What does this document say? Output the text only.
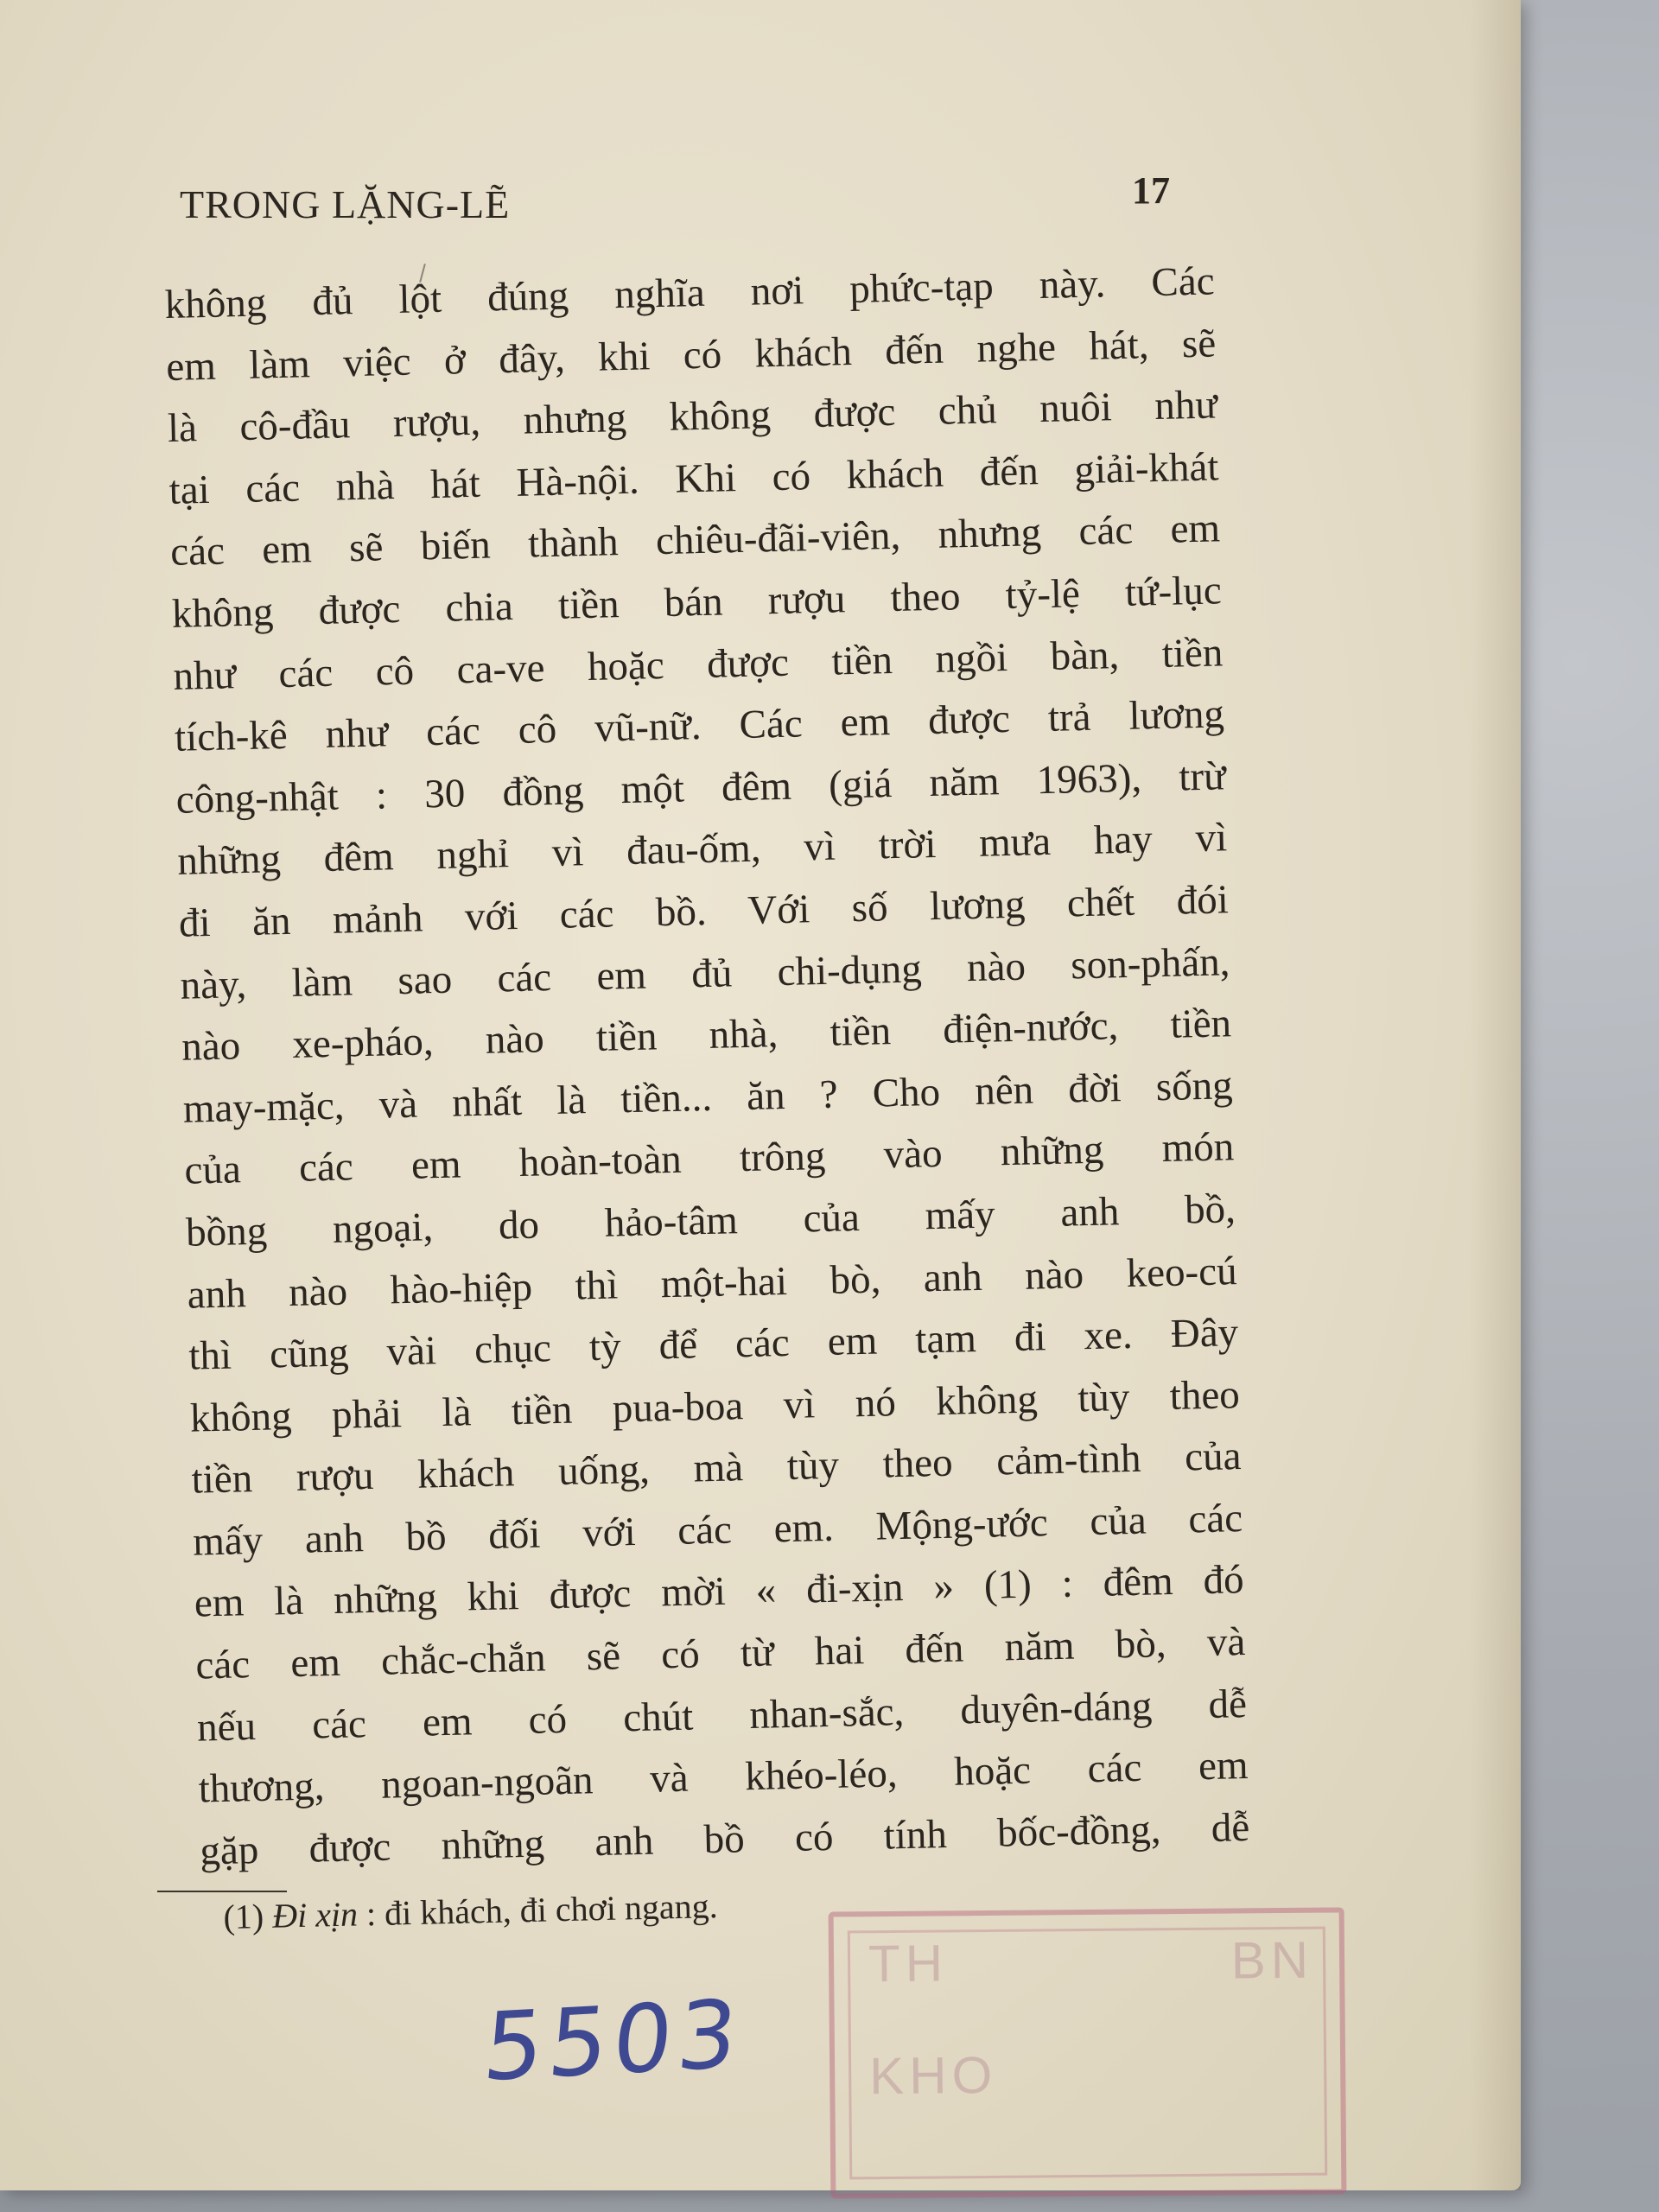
TRONG LẶNG-LẼ	17
không đủ lột đúng nghĩa nơi phức-tạp này. Các
em làm việc ở đây, khi có khách đến nghe hát, sẽ
là cô-đầu rượu, nhưng không được chủ nuôi như
tại các nhà hát Hà-nội. Khi có khách đến giải-khát
các em sẽ biến thành chiêu-đãi-viên, nhưng các em
không được chia tiền bán rượu theo tỷ-lệ tứ-lục
như các cô ca-ve hoặc được tiền ngồi bàn, tiền
tích-kê như các cô vũ-nữ. Các em được trả lương
công-nhật : 30 đồng một đêm (giá năm 1963), trừ
những đêm nghỉ vì đau-ốm, vì trời mưa hay vì
đi ăn mảnh với các bồ. Với số lương chết đói
này, làm sao các em đủ chi-dụng nào son-phấn,
nào xe-pháo, nào tiền nhà, tiền điện-nước, tiền
may-mặc, và nhất là tiền... ăn ? Cho nên đời sống
của các em hoàn-toàn trông vào những món
bồng ngoại, do hảo-tâm của mấy anh bồ,
anh nào hào-hiệp thì một-hai bò, anh nào keo-cú
thì cũng vài chục tỳ để các em tạm đi xe. Đây
không phải là tiền pua-boa vì nó không tùy theo
tiền rượu khách uống, mà tùy theo cảm-tình của
mấy anh bồ đối với các em. Mộng-ước của các
em là những khi được mời « đi-xịn » (1) : đêm đó
các em chắc-chắn sẽ có từ hai đến năm bò, và
nếu các em có chút nhan-sắc, duyên-dáng dễ
thương, ngoan-ngoãn và khéo-léo, hoặc các em
gặp được những anh bồ có tính bốc-đồng, dễ
(1) Đi xịn : đi khách, đi chơi ngang.
5503
TH	BN
KHO
